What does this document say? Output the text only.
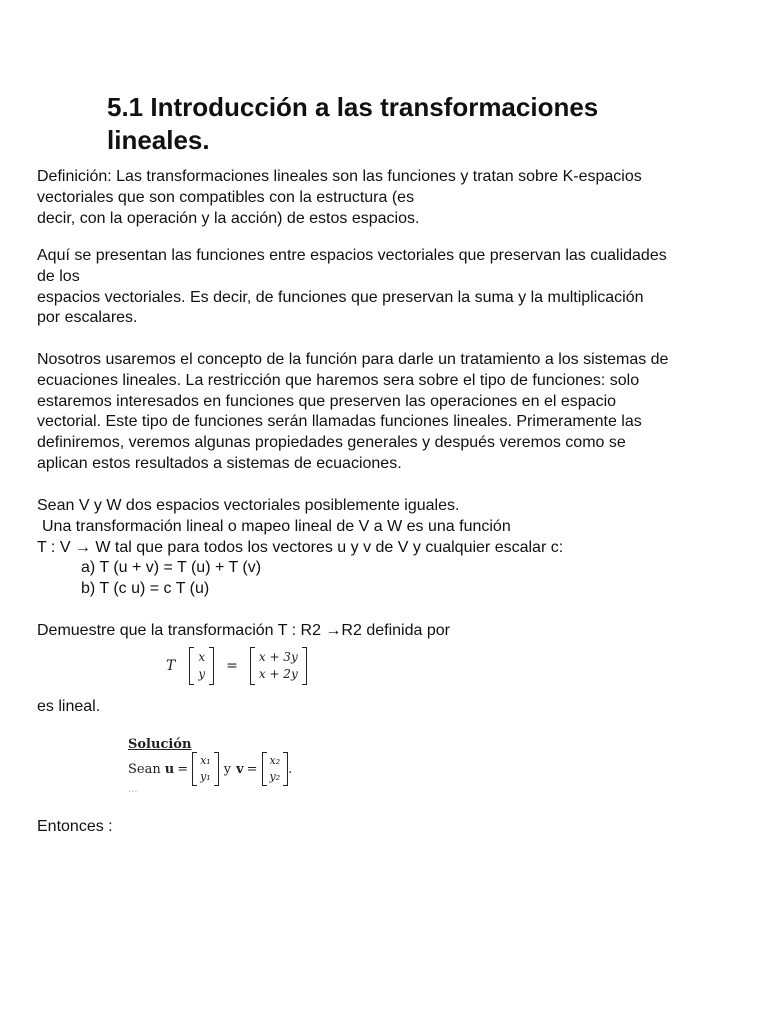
5.1 Introducción a las transformaciones
lineales.

Definición: Las transformaciones lineales son las funciones y tratan sobre K-espacios
vectoriales que son compatibles con la estructura (es
decir, con la operación y la acción) de estos espacios.

Aquí se presentan las funciones entre espacios vectoriales que preservan las cualidades
de los
espacios vectoriales. Es decir, de funciones que preservan la suma y la multiplicación
por escalares.

Nosotros usaremos el concepto de la función para darle un tratamiento a los sistemas de
ecuaciones lineales. La restricción que haremos sera sobre el tipo de funciones: solo
estaremos interesados en funciones que preserven las operaciones en el espacio
vectorial. Este tipo de funciones serán llamadas funciones lineales. Primeramente las
definiremos, veremos algunas propiedades generales y después veremos como se
aplican estos resultados a sistemas de ecuaciones.

Sean V y W dos espacios vectoriales posiblemente iguales.
Una transformación lineal o mapeo lineal de V a W es una función
T : V → W tal que para todos los vectores u y v de V y cualquier escalar c:
a) T (u + v) = T (u) + T (v)
b) T (c u) = c T (u)

Demuestre que la transformación T : R2 →R2 definida por

T
x
y =
x + 3y
x + 2y

es lineal.

Solución
Sean u =
x₁
y₁ y v =
x₂
y₂ .
...

Entonces :
